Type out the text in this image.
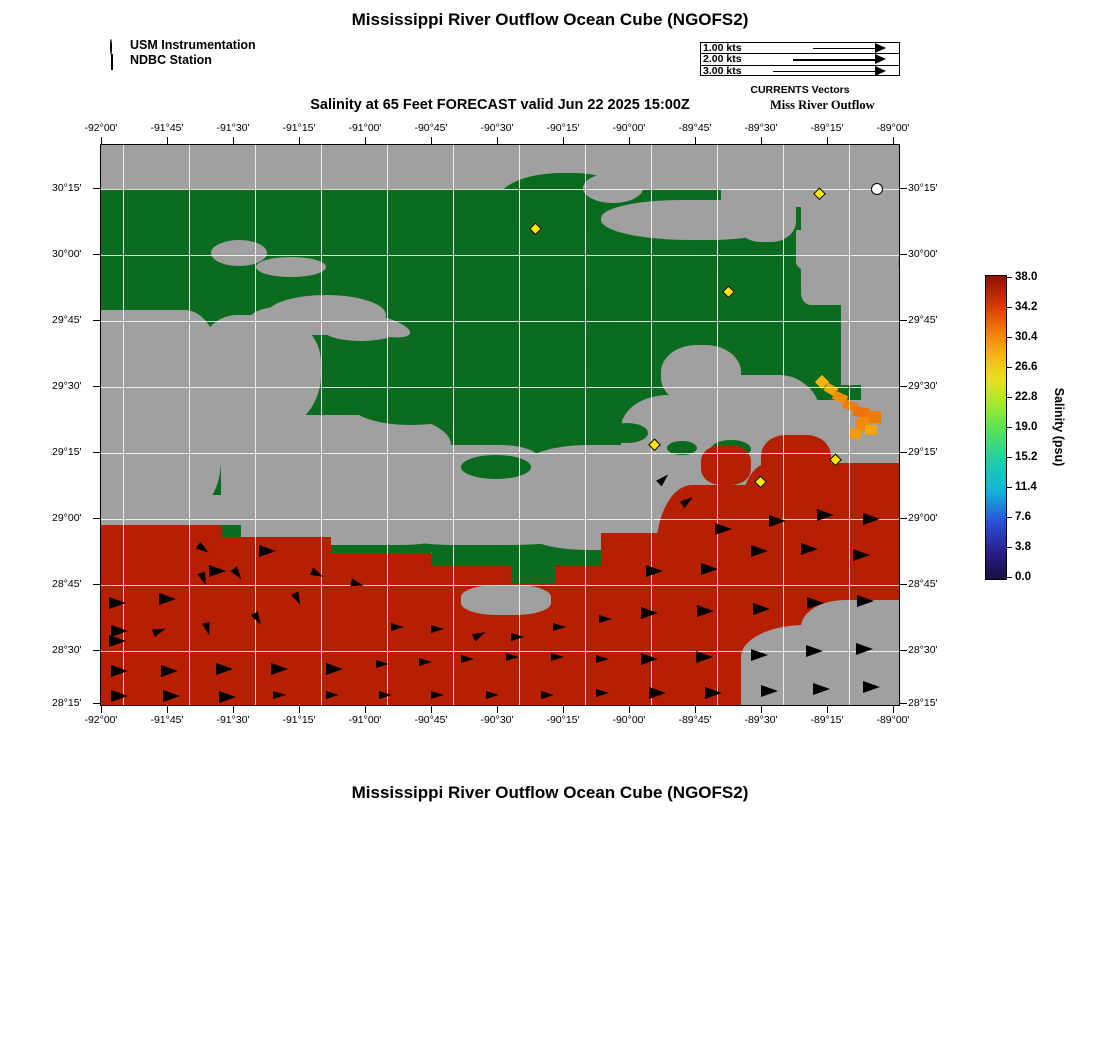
Mississippi River Outflow Ocean Cube (NGOFS2)
Salinity at 65 Feet FORECAST valid Jun 22 2025 15:00Z	Miss River Outflow
Mississippi River Outflow Ocean Cube (NGOFS2)
USM Instrumentation
NDBC Station
1.00 kts
2.00 kts
3.00 kts
CURRENTS Vectors
-92°00'	-91°45'	-91°30'	-91°15'	-91°00'	-90°45'	-90°30'	-90°15'	-90°00'	-89°45'	-89°30'	-89°15'	-89°00'
-92°00'	-91°45'	-91°30'	-91°15'	-91°00'	-90°45'	-90°30'	-90°15'	-90°00'	-89°45'	-89°30'	-89°15'	-89°00'
30°15'
30°00'
29°45'
29°30'
29°15'
29°00'
28°45'
28°30'
28°15'
30°15'
30°00'
29°45'
29°30'
29°15'
29°00'
28°45'
28°30'
28°15'
38.0
34.2
30.4
26.6
22.8
19.0
15.2
11.4
7.6
3.8
0.0
Salinity (psu)
